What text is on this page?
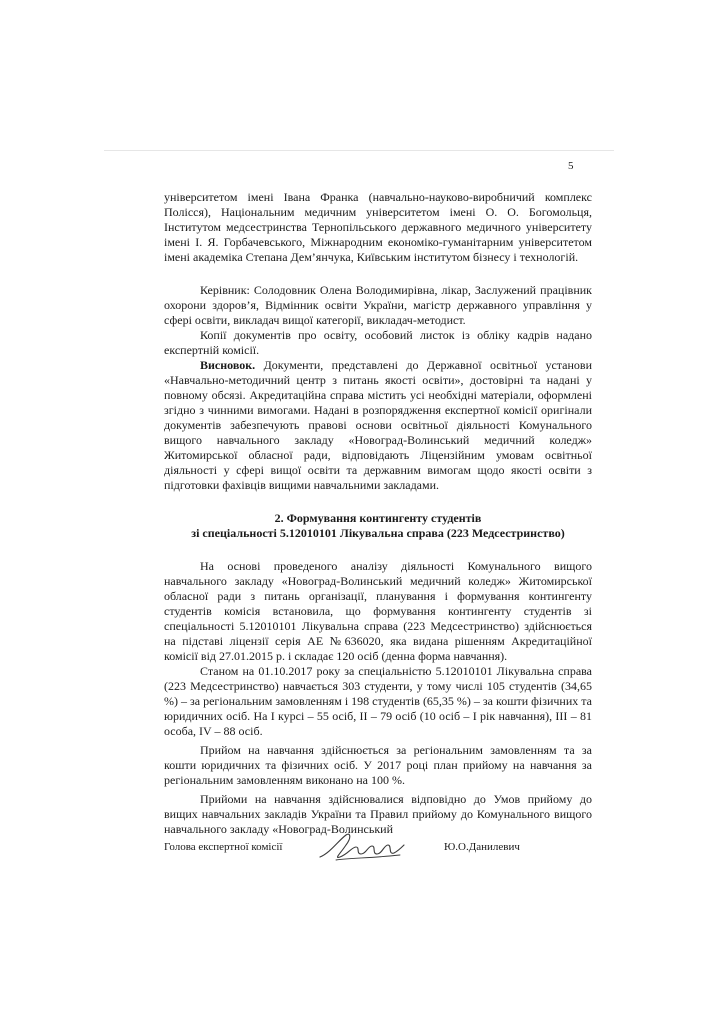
5

університетом імені Івана Франка (навчально-науково-виробничий комплекс Полісся), Національним медичним університетом імені О. О. Богомольця, Інститутом медсестринства Тернопільського державного медичного університету імені І. Я. Горбачевського, Міжнародним економіко-гуманітарним університетом імені академіка Степана Дем’янчука, Київським інститутом бізнесу і технологій.

Керівник: Солодовник Олена Володимирівна, лікар, Заслужений працівник охорони здоров’я, Відмінник освіти України, магістр державного управління у сфері освіти, викладач вищої категорії, викладач-методист.

Копії документів про освіту, особовий листок із обліку кадрів надано експертній комісії.

Висновок. Документи, представлені до Державної освітньої установи «Навчально-методичний центр з питань якості освіти», достовірні та надані у повному обсязі. Акредитаційна справа містить усі необхідні матеріали, оформлені згідно з чинними вимогами. Надані в розпорядження експертної комісії оригінали документів забезпечують правові основи освітньої діяльності Комунального вищого навчального закладу «Новоград-Волинський медичний коледж» Житомирської обласної ради, відповідають Ліцензійним умовам освітньої діяльності у сфері вищої освіти та державним вимогам щодо якості освіти з підготовки фахівців вищими навчальними закладами.

2. Формування контингенту студентів
зі спеціальності 5.12010101 Лікувальна справа (223 Медсестринство)

На основі проведеного аналізу діяльності Комунального вищого навчального закладу «Новоград-Волинський медичний коледж» Житомирської обласної ради з питань організації, планування і формування контингенту студентів комісія встановила, що формування контингенту студентів зі спеціальності 5.12010101 Лікувальна справа (223 Медсестринство) здійснюється на підставі ліцензії серія АЕ №636020, яка видана рішенням Акредитаційної комісії від 27.01.2015 р. і складає 120 осіб (денна форма навчання).

Станом на 01.10.2017 року за спеціальністю 5.12010101 Лікувальна справа (223 Медсестринство) навчається 303 студенти, у тому числі 105 студентів (34,65 %) – за регіональним замовленням і 198 студентів (65,35 %) – за кошти фізичних та юридичних осіб. На І курсі – 55 осіб, ІІ – 79 осіб (10 осіб – І рік навчання), ІІІ – 81 особа, IV – 88 осіб.

Прийом на навчання здійснюється за регіональним замовленням та за кошти юридичних та фізичних осіб. У 2017 році план прийому на навчання за регіональним замовленням виконано на 100 %.

Прийоми на навчання здійснювалися відповідно до Умов прийому до вищих навчальних закладів України та Правил прийому до Комунального вищого навчального закладу «Новоград-Волинський

Голова експертної комісії	Ю.О.Данилевич
